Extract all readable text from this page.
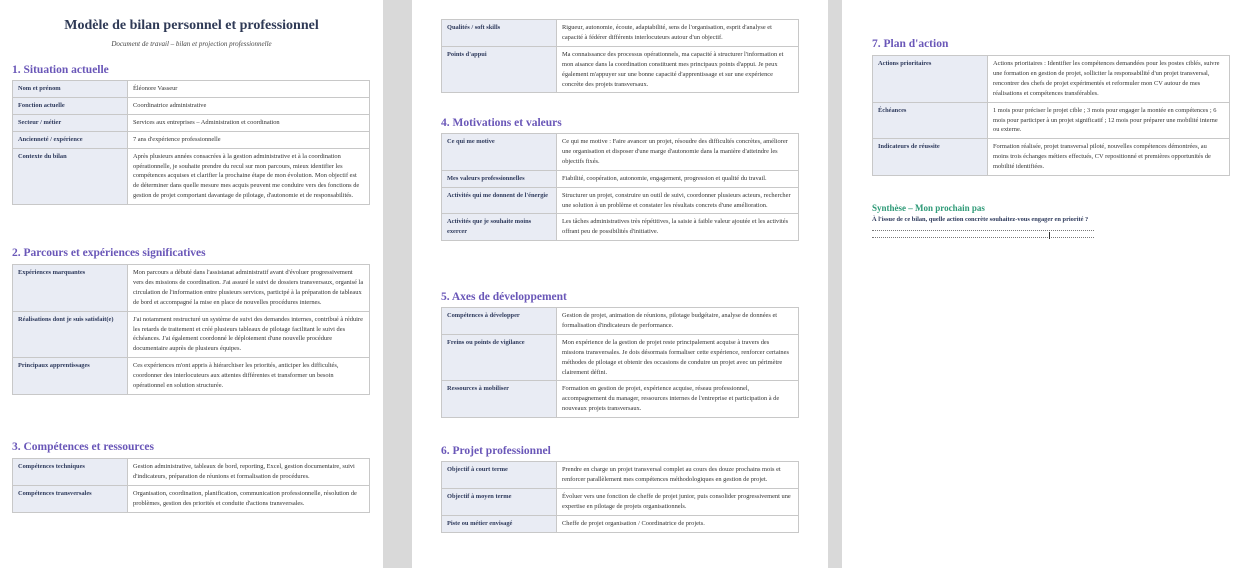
Modèle de bilan personnel et professionnel
Document de travail – bilan et projection professionnelle
1. Situation actuelle
Nom et prénom	Éléonore Vasseur
Fonction actuelle	Coordinatrice administrative
Secteur / métier	Services aux entreprises – Administration et coordination
Ancienneté / expérience	7 ans d'expérience professionnelle
Contexte du bilan	Après plusieurs années consacrées à la gestion administrative et à la coordination opérationnelle, je souhaite prendre du recul sur mon parcours, mieux identifier les compétences acquises et clarifier la prochaine étape de mon évolution. Mon objectif est de déterminer dans quelle mesure mes acquis peuvent me conduire vers des fonctions de gestion de projet comportant davantage de pilotage, d'autonomie et de responsabilités.
2. Parcours et expériences significatives
Expériences marquantes	Mon parcours a débuté dans l'assistanat administratif avant d'évoluer progressivement vers des missions de coordination. J'ai assuré le suivi de dossiers transversaux, organisé la circulation de l'information entre plusieurs services, participé à la préparation de tableaux de bord et accompagné la mise en place de nouvelles procédures internes.
Réalisations dont je suis satisfait(e)	J'ai notamment restructuré un système de suivi des demandes internes, contribué à réduire les retards de traitement et créé plusieurs tableaux de pilotage facilitant le suivi des échéances. J'ai également coordonné le déploiement d'une nouvelle procédure documentaire auprès de plusieurs équipes.
Principaux apprentissages	Ces expériences m'ont appris à hiérarchiser les priorités, anticiper les difficultés, coordonner des interlocuteurs aux attentes différentes et transformer un besoin opérationnel en solution structurée.
3. Compétences et ressources
Compétences techniques	Gestion administrative, tableaux de bord, reporting, Excel, gestion documentaire, suivi d'indicateurs, préparation de réunions et formalisation de procédures.
Compétences transversales	Organisation, coordination, planification, communication professionnelle, résolution de problèmes, gestion des priorités et conduite d'actions transversales.
Qualités / soft skills	Rigueur, autonomie, écoute, adaptabilité, sens de l'organisation, esprit d'analyse et capacité à fédérer différents interlocuteurs autour d'un objectif.
Points d'appui	Ma connaissance des processus opérationnels, ma capacité à structurer l'information et mon aisance dans la coordination constituent mes principaux points d'appui. Je peux également m'appuyer sur une bonne capacité d'apprentissage et sur une expérience concrète des projets transversaux.
4. Motivations et valeurs
Ce qui me motive	Ce qui me motive : Faire avancer un projet, résoudre des difficultés concrètes, améliorer une organisation et disposer d'une marge d'autonomie dans la manière d'atteindre les objectifs fixés.
Mes valeurs professionnelles	Fiabilité, coopération, autonomie, engagement, progression et qualité du travail.
Activités qui me donnent de l'énergie	Structurer un projet, construire un outil de suivi, coordonner plusieurs acteurs, rechercher une solution à un problème et constater les résultats concrets d'une amélioration.
Activités que je souhaite moins exercer	Les tâches administratives très répétitives, la saisie à faible valeur ajoutée et les activités offrant peu de possibilités d'initiative.
5. Axes de développement
Compétences à développer	Gestion de projet, animation de réunions, pilotage budgétaire, analyse de données et formalisation d'indicateurs de performance.
Freins ou points de vigilance	Mon expérience de la gestion de projet reste principalement acquise à travers des missions transversales. Je dois désormais formaliser cette expérience, renforcer certaines méthodes de pilotage et obtenir des occasions de conduire un projet avec un périmètre clairement défini.
Ressources à mobiliser	Formation en gestion de projet, expérience acquise, réseau professionnel, accompagnement du manager, ressources internes de l'entreprise et participation à de nouveaux projets transversaux.
6. Projet professionnel
Objectif à court terme	Prendre en charge un projet transversal complet au cours des douze prochains mois et renforcer parallèlement mes compétences méthodologiques en gestion de projet.
Objectif à moyen terme	Évoluer vers une fonction de cheffe de projet junior, puis consolider progressivement une expertise en pilotage de projets organisationnels.
Piste ou métier envisagé	Cheffe de projet organisation / Coordinatrice de projets.
7. Plan d'action
Actions prioritaires	Actions prioritaires : Identifier les compétences demandées pour les postes ciblés, suivre une formation en gestion de projet, solliciter la responsabilité d'un projet transversal, rencontrer des chefs de projet expérimentés et reformuler mon CV autour de mes réalisations et compétences transférables.
Échéances	1 mois pour préciser le projet cible ; 3 mois pour engager la montée en compétences ; 6 mois pour participer à un projet significatif ; 12 mois pour préparer une mobilité interne ou externe.
Indicateurs de réussite	Formation réalisée, projet transversal piloté, nouvelles compétences démontrées, au moins trois échanges métiers effectués, CV repositionné et premières opportunités de mobilité identifiées.
Synthèse – Mon prochain pas
À l'issue de ce bilan, quelle action concrète souhaitez-vous engager en priorité ?
